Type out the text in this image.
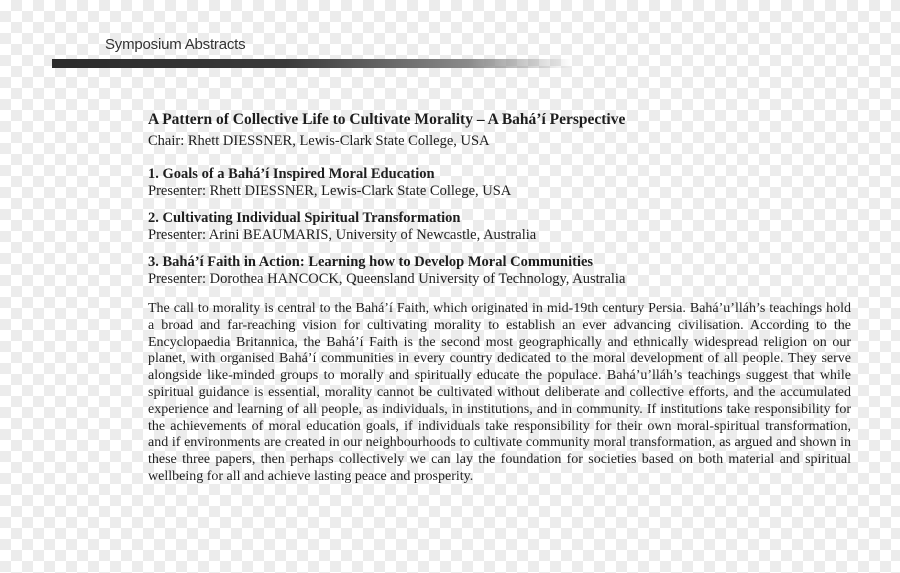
Symposium Abstracts

A Pattern of Collective Life to Cultivate Morality – A Bahá’í Perspective

Chair: Rhett DIESSNER, Lewis-Clark State College, USA

1. Goals of a Bahá’í Inspired Moral Education

Presenter: Rhett DIESSNER, Lewis-Clark State College, USA

2. Cultivating Individual Spiritual Transformation

Presenter: Arini BEAUMARIS, University of Newcastle, Australia

3. Bahá’í Faith in Action: Learning how to Develop Moral Communities

Presenter: Dorothea HANCOCK, Queensland University of Technology, Australia

The call to morality is central to the Bahá’í Faith, which originated in mid-19th century Persia. Bahá’u’lláh’s teachings hold a broad and far-reaching vision for cultivating morality to establish an ever advancing civilisation. According to the Encyclopaedia Britannica, the Bahá’í Faith is the second most geographically and ethnically widespread religion on our planet, with organised Bahá’í communities in every country dedicated to the moral development of all people. They serve alongside like-minded groups to morally and spiritually educate the populace. Bahá’u’lláh’s teachings suggest that while spiritual guidance is essential, morality cannot be cultivated without deliberate and collective efforts, and the accumulated experience and learning of all people, as individuals, in institutions, and in community. If institutions take responsibility for the achievements of moral education goals, if individuals take responsibility for their own moral-spiritual transformation, and if environments are created in our neighbourhoods to cultivate community moral transformation, as argued and shown in these three papers, then perhaps collectively we can lay the foundation for societies based on both material and spiritual wellbeing for all and achieve lasting peace and prosperity.
